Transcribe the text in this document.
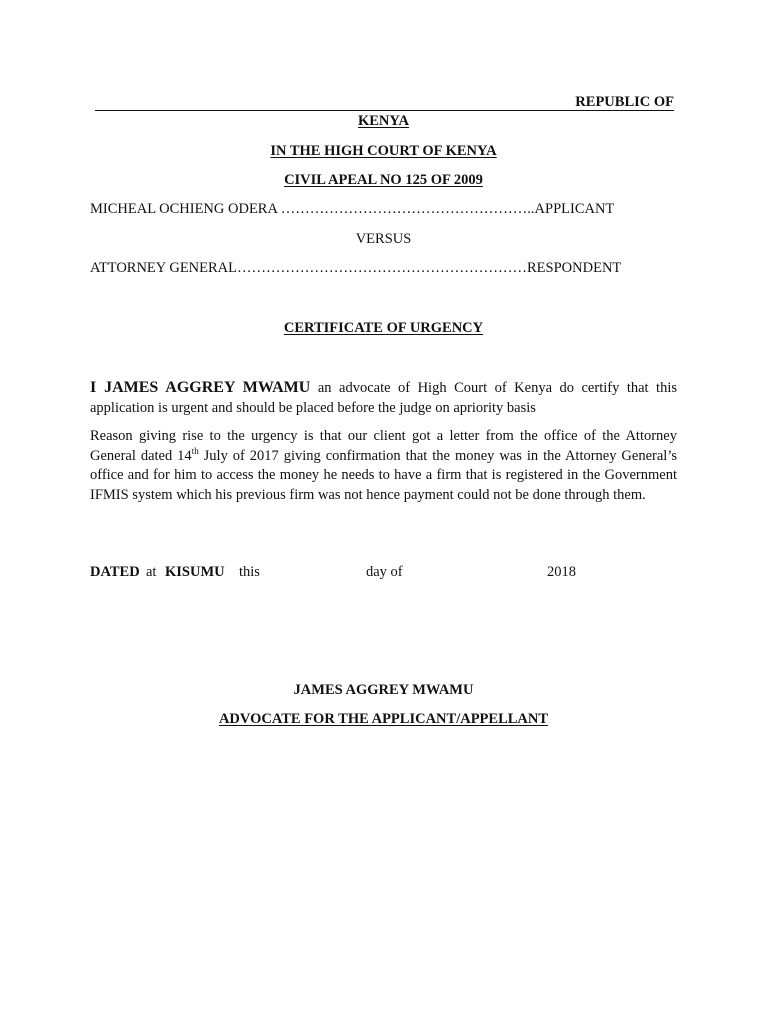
REPUBLIC OF
KENYA
IN THE HIGH COURT OF KENYA
CIVIL APEAL NO 125 OF 2009
MICHEAL OCHIENG ODERA ……………………………………………..APPLICANT
VERSUS
ATTORNEY GENERAL……………………………………………………RESPONDENT
CERTIFICATE OF URGENCY
I JAMES AGGREY MWAMU an advocate of High Court of Kenya do certify that this application is urgent and should be placed before the judge on apriority basis
Reason giving rise to the urgency is that our client got a letter from the office of the Attorney General dated 14th July of 2017 giving confirmation that the money was in the Attorney General’s office and for him to access the money he needs to have a firm that is registered in the Government IFMIS system which his previous firm was not hence payment could not be done through them.
DATED at KISUMU this	day of	2018
JAMES AGGREY MWAMU
ADVOCATE FOR THE APPLICANT/APPELLANT
